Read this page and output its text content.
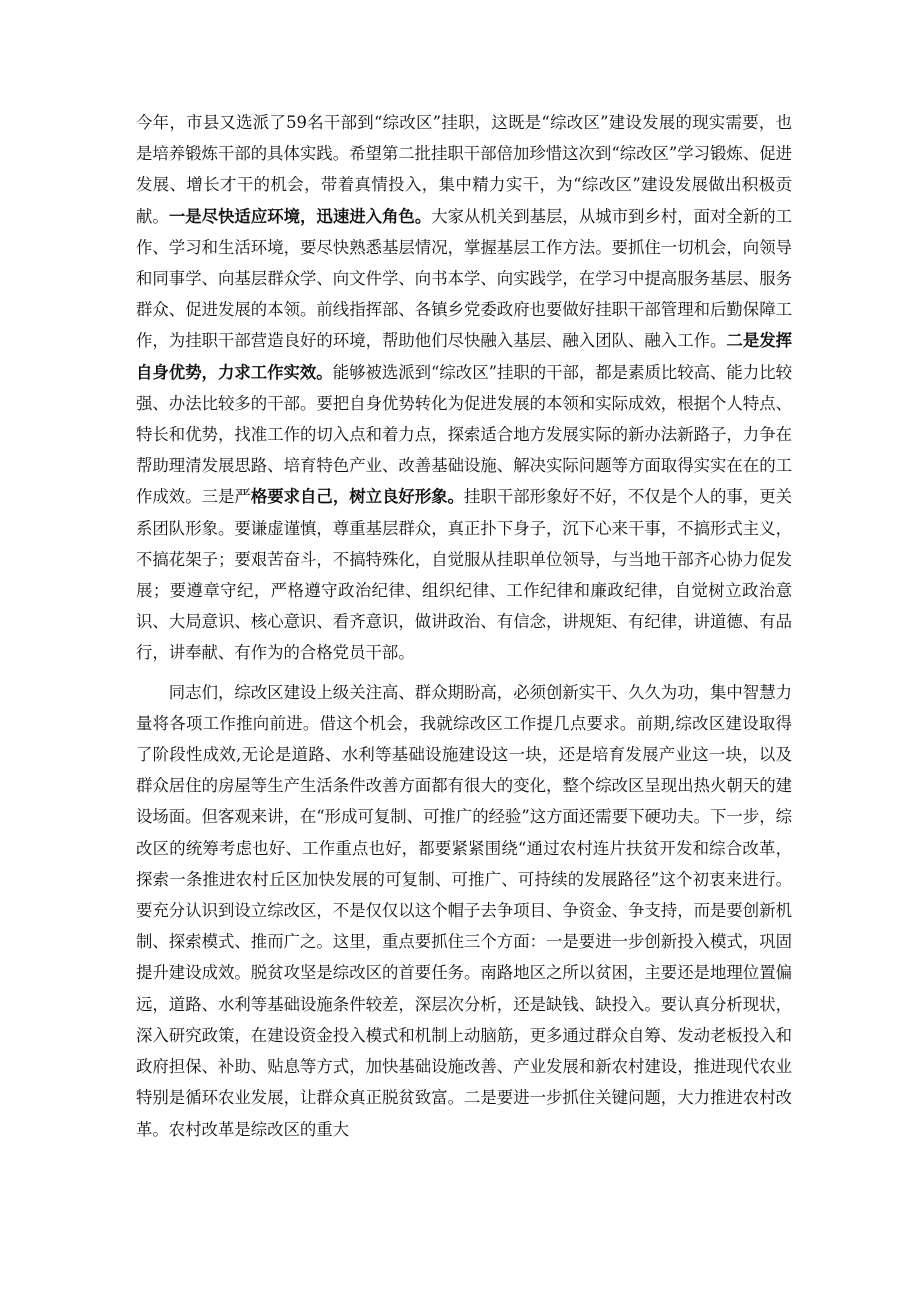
今年，市县又选派了59名干部到“综改区”挂职，这既是“综改区”建设发展的现实需要，也是培养锻炼干部的具体实践。希望第二批挂职干部倍加珍惜这次到“综改区”学习锻炼、促进发展、增长才干的机会，带着真情投入，集中精力实干，为“综改区”建设发展做出积极贡献。一是尽快适应环境，迅速进入角色。大家从机关到基层，从城市到乡村，面对全新的工作、学习和生活环境，要尽快熟悉基层情况，掌握基层工作方法。要抓住一切机会，向领导和同事学、向基层群众学、向文件学、向书本学、向实践学，在学习中提高服务基层、服务群众、促进发展的本领。前线指挥部、各镇乡党委政府也要做好挂职干部管理和后勤保障工作，为挂职干部营造良好的环境，帮助他们尽快融入基层、融入团队、融入工作。二是发挥自身优势，力求工作实效。能够被选派到“综改区”挂职的干部，都是素质比较高、能力比较强、办法比较多的干部。要把自身优势转化为促进发展的本领和实际成效，根据个人特点、特长和优势，找准工作的切入点和着力点，探索适合地方发展实际的新办法新路子，力争在帮助理清发展思路、培育特色产业、改善基础设施、解决实际问题等方面取得实实在在的工作成效。三是严格要求自己，树立良好形象。挂职干部形象好不好，不仅是个人的事，更关系团队形象。要谦虚谨慎，尊重基层群众，真正扑下身子，沉下心来干事，不搞形式主义，不搞花架子；要艰苦奋斗，不搞特殊化，自觉服从挂职单位领导，与当地干部齐心协力促发展；要遵章守纪，严格遵守政治纪律、组织纪律、工作纪律和廉政纪律，自觉树立政治意识、大局意识、核心意识、看齐意识，做讲政治、有信念，讲规矩、有纪律，讲道德、有品行，讲奉献、有作为的合格党员干部。

同志们，综改区建设上级关注高、群众期盼高，必须创新实干、久久为功，集中智慧力量将各项工作推向前进。借这个机会，我就综改区工作提几点要求。前期,综改区建设取得了阶段性成效,无论是道路、水利等基础设施建设这一块，还是培育发展产业这一块，以及群众居住的房屋等生产生活条件改善方面都有很大的变化，整个综改区呈现出热火朝天的建设场面。但客观来讲，在“形成可复制、可推广的经验”这方面还需要下硬功夫。下一步，综改区的统筹考虑也好、工作重点也好，都要紧紧围绕“通过农村连片扶贫开发和综合改革，探索一条推进农村丘区加快发展的可复制、可推广、可持续的发展路径”这个初衷来进行。要充分认识到设立综改区，不是仅仅以这个帽子去争项目、争资金、争支持，而是要创新机制、探索模式、推而广之。这里，重点要抓住三个方面：一是要进一步创新投入模式，巩固提升建设成效。脱贫攻坚是综改区的首要任务。南路地区之所以贫困，主要还是地理位置偏远，道路、水利等基础设施条件较差，深层次分析，还是缺钱、缺投入。要认真分析现状，深入研究政策，在建设资金投入模式和机制上动脑筋，更多通过群众自筹、发动老板投入和政府担保、补助、贴息等方式，加快基础设施改善、产业发展和新农村建设，推进现代农业特别是循环农业发展，让群众真正脱贫致富。二是要进一步抓住关键问题，大力推进农村改革。农村改革是综改区的重大
